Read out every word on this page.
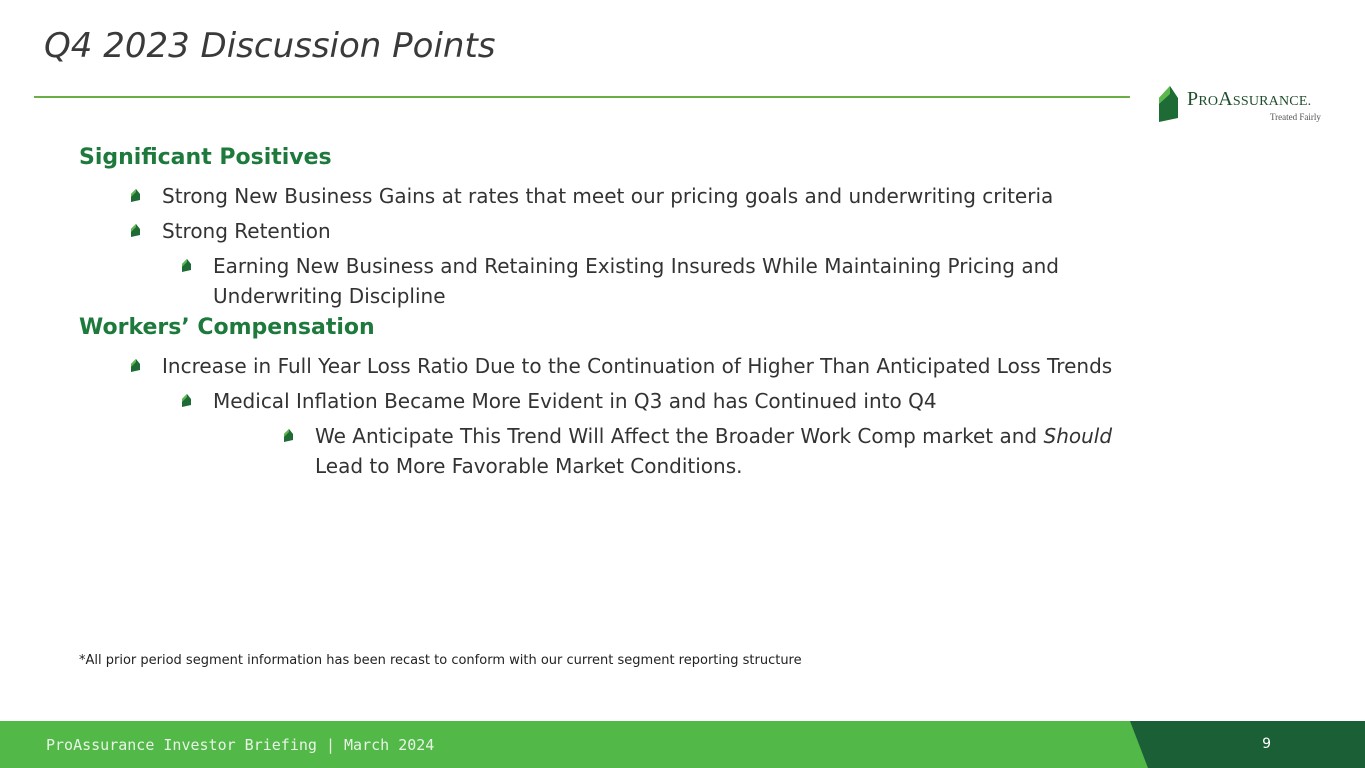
Q4 2023 Discussion Points
PROASSURANCE.
Treated Fairly
Significant Positives
Strong New Business Gains at rates that meet our pricing goals and underwriting criteria
Strong Retention
Earning New Business and Retaining Existing Insureds While Maintaining Pricing and Underwriting Discipline
Workers’ Compensation
Increase in Full Year Loss Ratio Due to the Continuation of Higher Than Anticipated Loss Trends
Medical Inflation Became More Evident in Q3 and has Continued into Q4
We Anticipate This Trend Will Affect the Broader Work Comp market and Should
Lead to More Favorable Market Conditions.
*All prior period segment information has been recast to conform with our current segment reporting structure
ProAssurance Investor Briefing | March 2024	9
